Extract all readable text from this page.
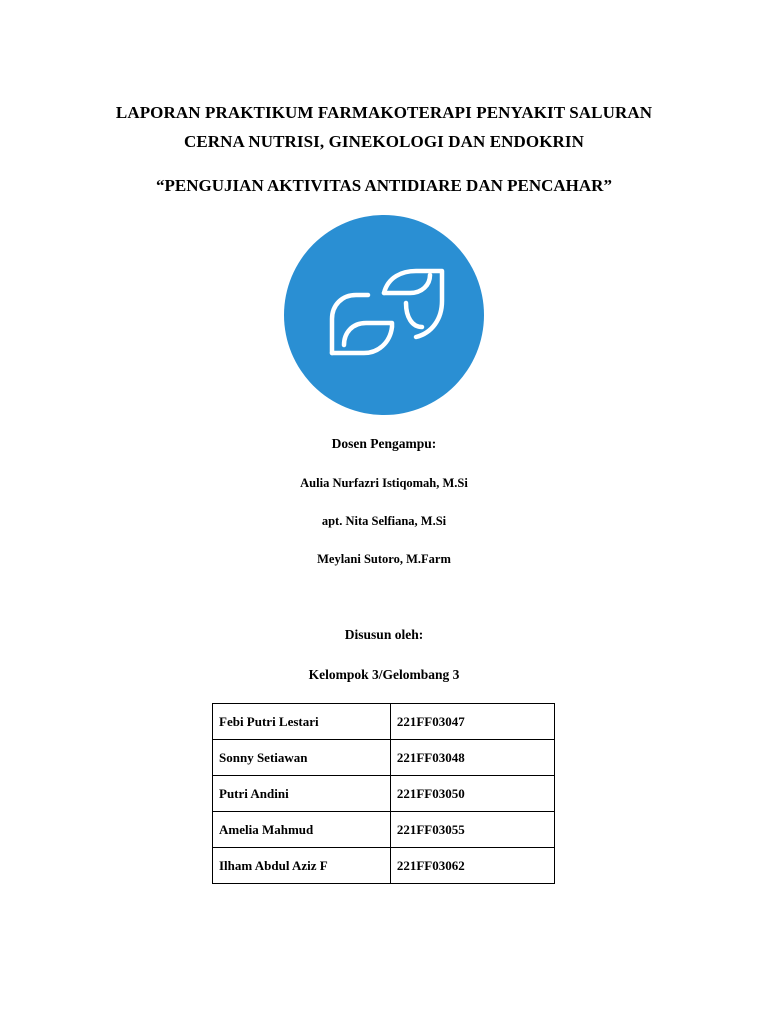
LAPORAN PRAKTIKUM FARMAKOTERAPI PENYAKIT SALURAN
CERNA NUTRISI, GINEKOLOGI DAN ENDOKRIN
“PENGUJIAN AKTIVITAS ANTIDIARE DAN PENCAHAR”
Dosen Pengampu:
Aulia Nurfazri Istiqomah, M.Si
apt. Nita Selfiana, M.Si
Meylani Sutoro, M.Farm
Disusun oleh:
Kelompok 3/Gelombang 3
Febi Putri Lestari	221FF03047
Sonny Setiawan	221FF03048
Putri Andini	221FF03050
Amelia Mahmud	221FF03055
Ilham Abdul Aziz F	221FF03062
